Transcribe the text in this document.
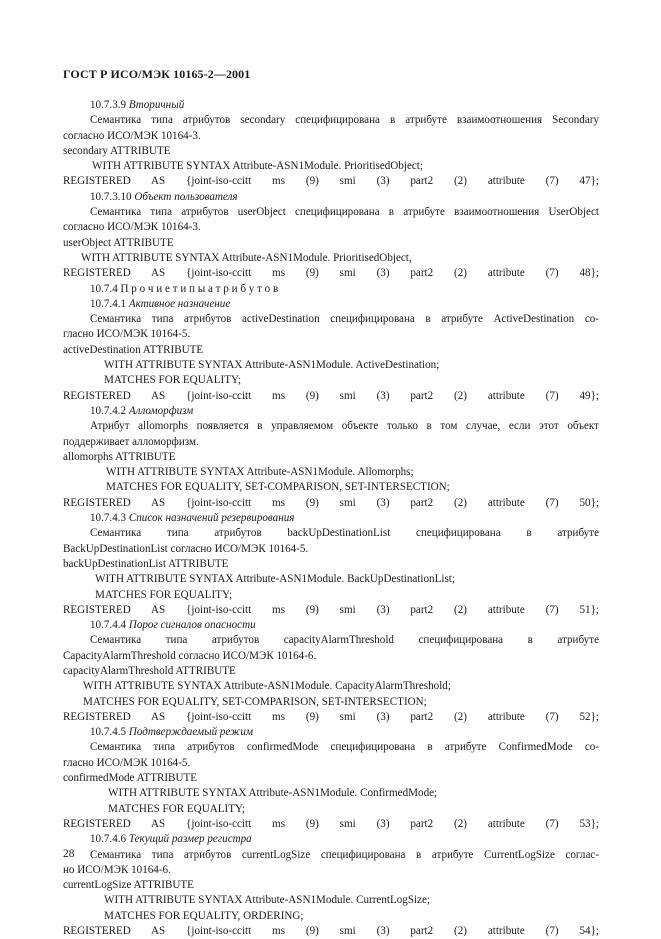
ГОСТ Р ИСО/МЭК 10165-2—2001
10.7.3.9 Вторичный
Семантика типа атрибутов secondary специфицирована в атрибуте взаимоотношения Secondary
согласно ИСО/МЭК 10164-3.
secondary ATTRIBUTE
WITH ATTRIBUTE SYNTAX Attribute-ASN1Module. PrioritisedObject;
REGISTERED AS {joint-iso-ccitt ms (9) smi (3) part2 (2) attribute (7) 47};
10.7.3.10 Объект пользователя
Семантика типа атрибутов userObject специфицирована в атрибуте взаимоотношения UserObject
согласно ИСО/МЭК 10164-3.
userObject ATTRIBUTE
WITH ATTRIBUTE SYNTAX Attribute-ASN1Module. PrioritisedObject,
REGISTERED AS {joint-iso-ccitt ms (9) smi (3) part2 (2) attribute (7) 48};
10.7.4 П р о ч и е т и п ы а т р и б у т о в
10.7.4.1 Активное назначение
Семантика типа атрибутов activeDestination специфицирована в атрибуте ActiveDestination со-
гласно ИСО/МЭК 10164-5.
activeDestination ATTRIBUTE
WITH ATTRIBUTE SYNTAX Attribute-ASN1Module. ActiveDestination;
MATCHES FOR EQUALITY;
REGISTERED AS {joint-iso-ccitt ms (9) smi (3) part2 (2) attribute (7) 49};
10.7.4.2 Алломорфизм
Атрибут allomorphs появляется в управляемом объекте только в том случае, если этот объект
поддерживает алломорфизм.
allomorphs ATTRIBUTE
WITH ATTRIBUTE SYNTAX Attribute-ASN1Module. Allomorphs;
MATCHES FOR EQUALITY, SET-COMPARISON, SET-INTERSECTION;
REGISTERED AS {joint-iso-ccitt ms (9) smi (3) part2 (2) attribute (7) 50};
10.7.4.3 Список назначений резервирования
Семантика типа атрибутов backUpDestinationList специфицирована в атрибуте
BackUpDestinationList согласно ИСО/МЭК 10164-5.
backUpDestinationList ATTRIBUTE
WITH ATTRIBUTE SYNTAX Attribute-ASN1Module. BackUpDestinationList;
MATCHES FOR EQUALITY;
REGISTERED AS {joint-iso-ccitt ms (9) smi (3) part2 (2) attribute (7) 51};
10.7.4.4 Порог сигналов опасности
Семантика типа атрибутов capacityAlarmThreshold специфицирована в атрибуте
CapacityAlarmThreshold согласно ИСО/МЭК 10164-6.
capacityAlarmThreshold ATTRIBUTE
WITH ATTRIBUTE SYNTAX Attribute-ASN1Module. CapacityAlarmThreshold;
MATCHES FOR EQUALITY, SET-COMPARISON, SET-INTERSECTION;
REGISTERED AS {joint-iso-ccitt ms (9) smi (3) part2 (2) attribute (7) 52};
10.7.4.5 Подтверждаемый режим
Семантика типа атрибутов confirmedMode специфицирована в атрибуте ConfirmedMode со-
гласно ИСО/МЭК 10164-5.
confirmedMode ATTRIBUTE
WITH ATTRIBUTE SYNTAX Attribute-ASN1Module. ConfirmedMode;
MATCHES FOR EQUALITY;
REGISTERED AS {joint-iso-ccitt ms (9) smi (3) part2 (2) attribute (7) 53};
10.7.4.6 Текущий размер регистра
Семантика типа атрибутов currentLogSize специфицирована в атрибуте CurrentLogSize соглас-
но ИСО/МЭК 10164-6.
currentLogSize ATTRIBUTE
WITH ATTRIBUTE SYNTAX Attribute-ASN1Module. CurrentLogSize;
MATCHES FOR EQUALITY, ORDERING;
REGISTERED AS {joint-iso-ccitt ms (9) smi (3) part2 (2) attribute (7) 54};
28
